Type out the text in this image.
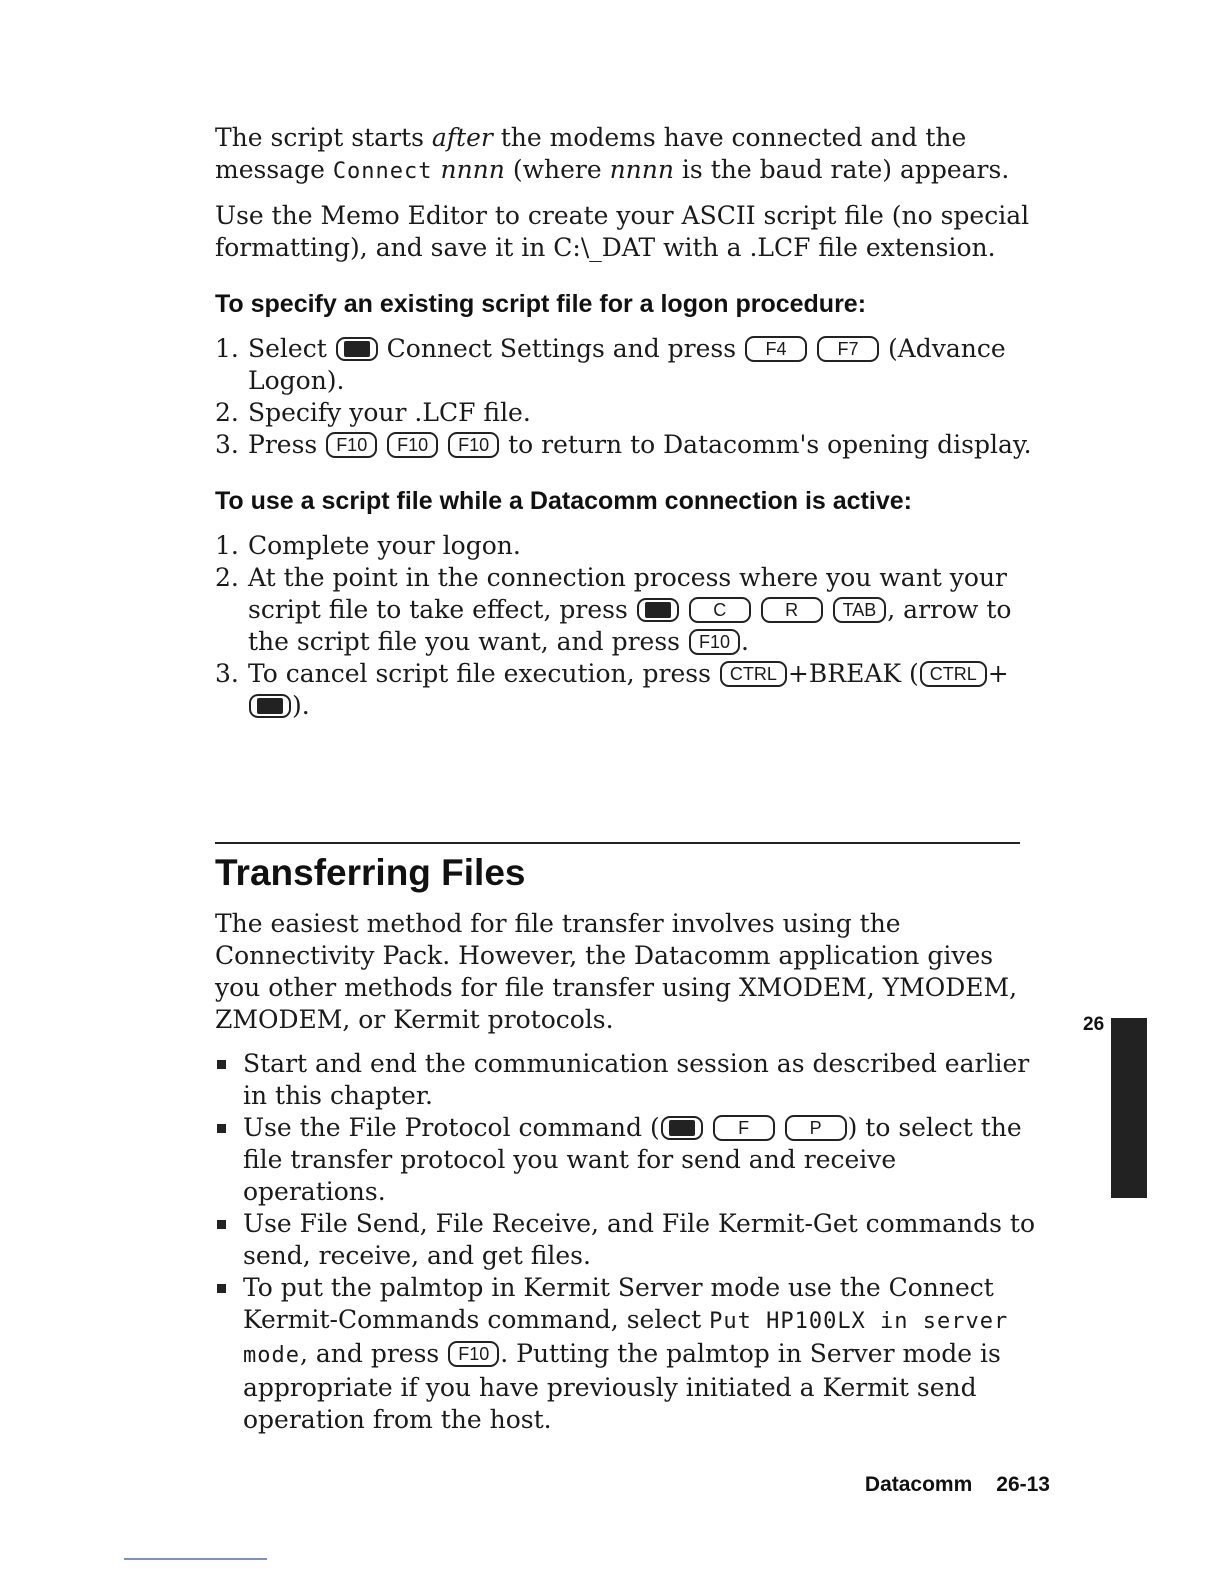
The script starts after the modems have connected and the message Connect nnnn (where nnnn is the baud rate) appears.

Use the Memo Editor to create your ASCII script file (no special formatting), and save it in C:\_DAT with a .LCF file extension.

To specify an existing script file for a logon procedure:
1. Select  Connect Settings and press F4	F7 (Advance Logon).
2. Specify your .LCF file.
3. Press F10 F10 F10 to return to Datacomm's opening display.
To use a script file while a Datacomm connection is active:
1. Complete your logon.
2. At the point in the connection process where you want your script file to take effect, press	C	R TAB , arrow to the script file you want, and press F10 .
3. To cancel script file execution, press CTRL +BREAK ( CTRL +).
Transferring Files

The easiest method for file transfer involves using the Connectivity Pack. However, the Datacomm application gives you other methods for file transfer using XMODEM, YMODEM, ZMODEM, or Kermit protocols.

Start and end the communication session as described earlier in this chapter.
Use the File Protocol command (	F	P ) to select the file transfer protocol you want for send and receive operations.
Use File Send, File Receive, and File Kermit-Get commands to send, receive, and get files.
To put the palmtop in Kermit Server mode use the Connect Kermit-Commands command, select Put HP100LX in server mode, and press F10 . Putting the palmtop in Server mode is appropriate if you have previously initiated a Kermit send operation from the host.
26
Datacomm 26-13
